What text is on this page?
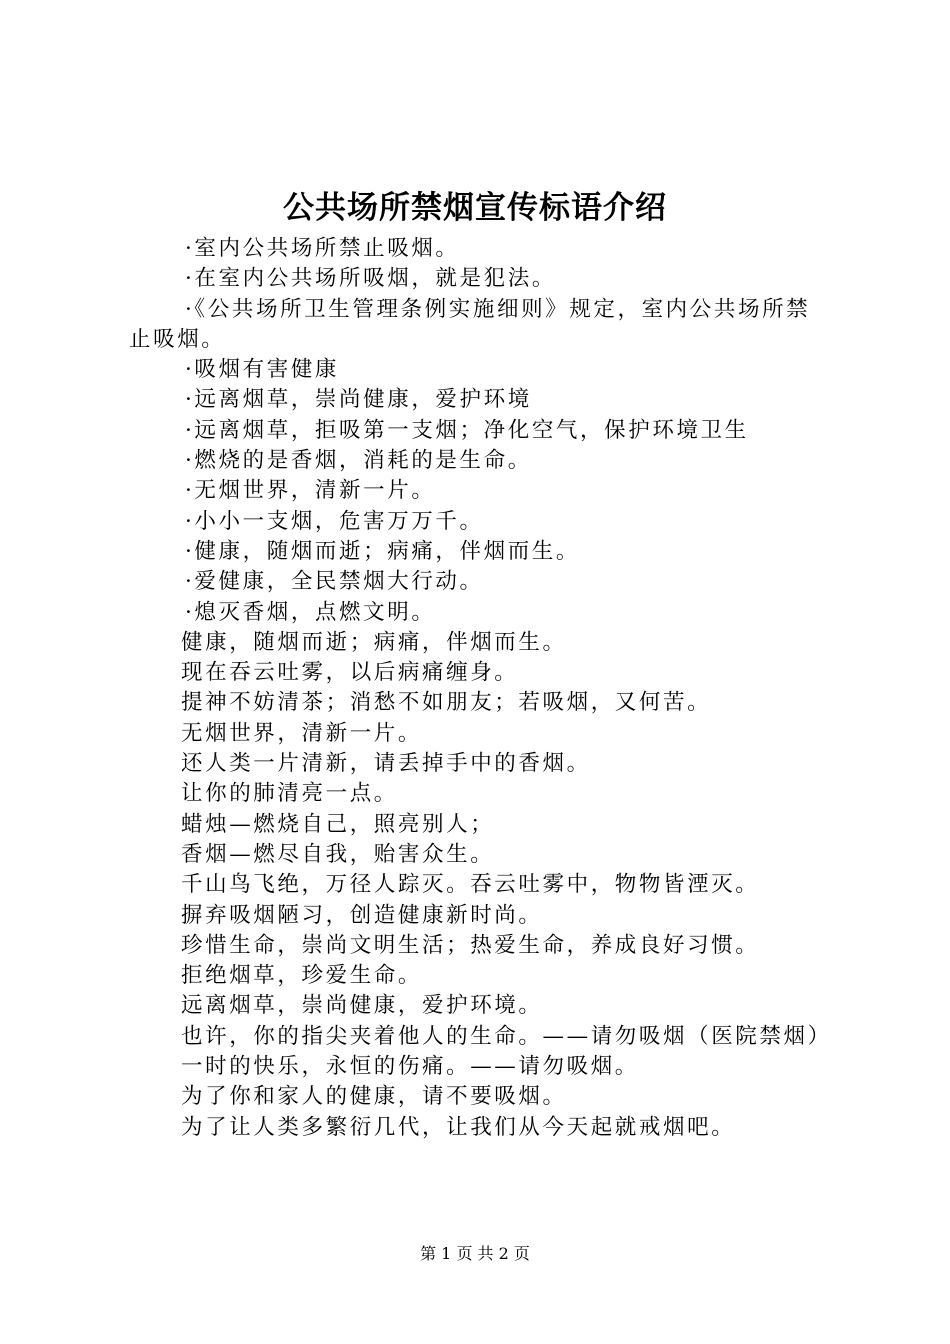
公共场所禁烟宣传标语介绍

·室内公共场所禁止吸烟。

·在室内公共场所吸烟，就是犯法。

·《公共场所卫生管理条例实施细则》规定，室内公共场所禁止吸烟。

·吸烟有害健康

·远离烟草，崇尚健康，爱护环境

·远离烟草，拒吸第一支烟；净化空气，保护环境卫生

·燃烧的是香烟，消耗的是生命。

·无烟世界，清新一片。

·小小一支烟，危害万万千。

·健康，随烟而逝；病痛，伴烟而生。

·爱健康，全民禁烟大行动。

·熄灭香烟，点燃文明。

健康，随烟而逝；病痛，伴烟而生。

现在吞云吐雾，以后病痛缠身。

提神不妨清茶；消愁不如朋友；若吸烟，又何苦。

无烟世界，清新一片。

还人类一片清新，请丢掉手中的香烟。

让你的肺清亮一点。

蜡烛—燃烧自己，照亮别人；

香烟—燃尽自我，贻害众生。

千山鸟飞绝，万径人踪灭。吞云吐雾中，物物皆湮灭。

摒弃吸烟陋习，创造健康新时尚。

珍惜生命，崇尚文明生活；热爱生命，养成良好习惯。

拒绝烟草，珍爱生命。

远离烟草，崇尚健康，爱护环境。

也许，你的指尖夹着他人的生命。——请勿吸烟（医院禁烟）

一时的快乐，永恒的伤痛。——请勿吸烟。

为了你和家人的健康，请不要吸烟。

为了让人类多繁衍几代，让我们从今天起就戒烟吧。

第 1 页 共 2 页
